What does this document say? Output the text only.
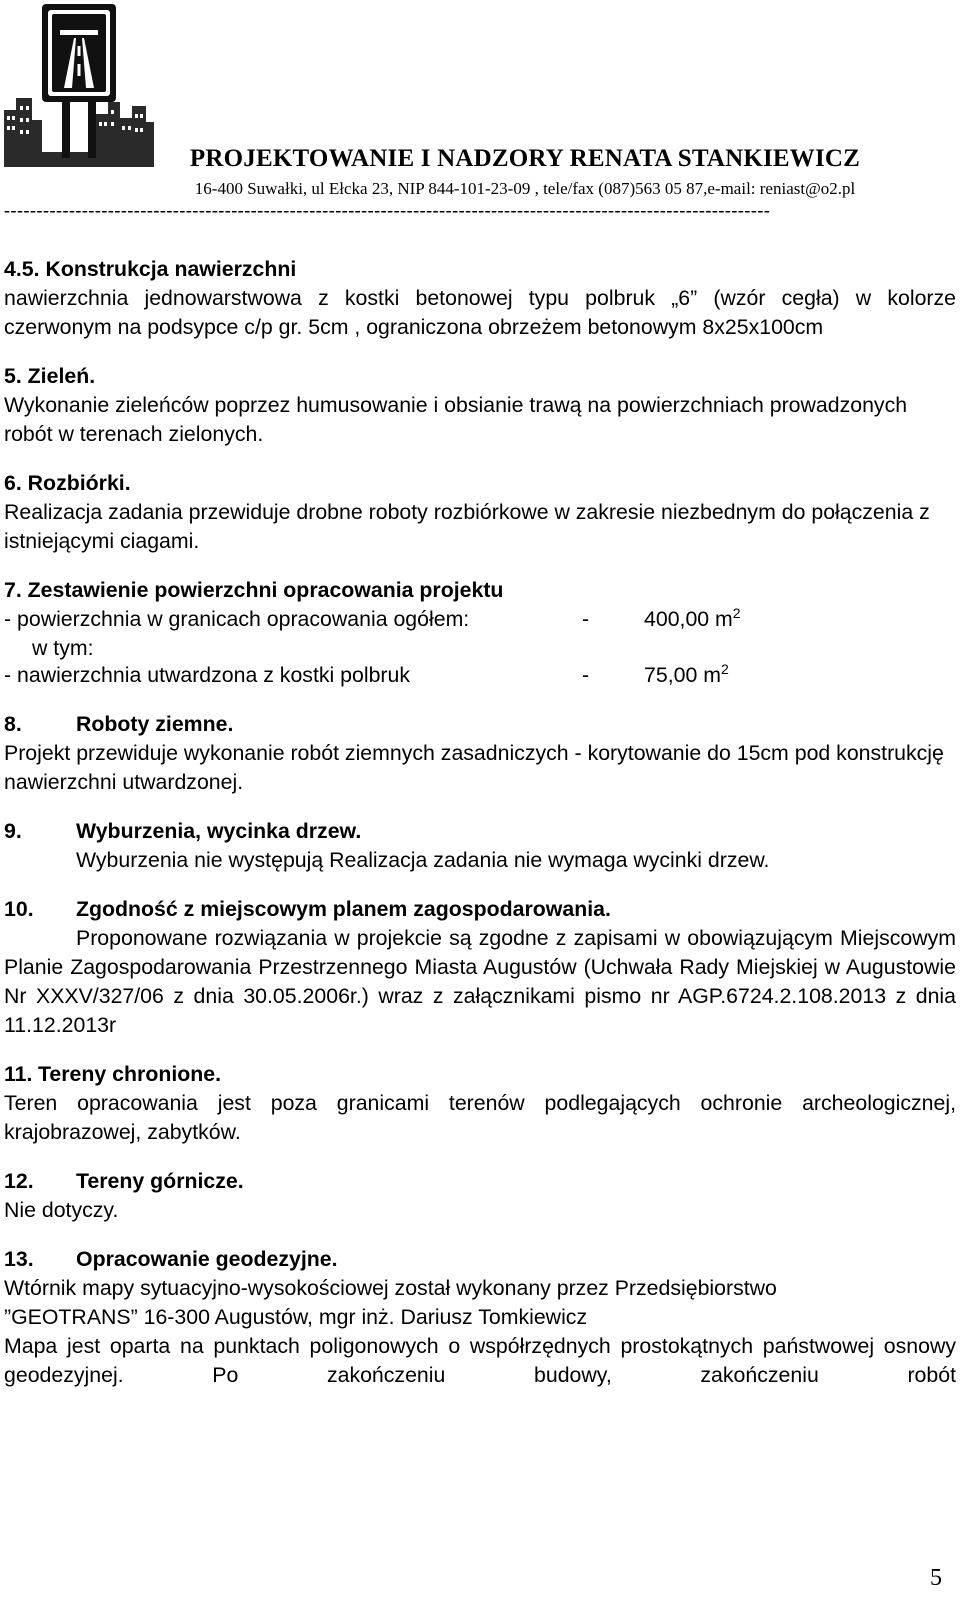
PROJEKTOWANIE I NADZORY RENATA STANKIEWICZ
16-400 Suwałki, ul Ełcka 23, NIP 844-101-23-09 , tele/fax (087)563 05 87,e-mail: reniast@o2.pl
----------------------------------------------------------------------------------------------------------------------
4.5. Konstrukcja nawierzchni
nawierzchnia jednowarstwowa z kostki betonowej typu polbruk „6” (wzór cegła) w kolorze czerwonym na podsypce c/p gr. 5cm , ograniczona obrzeżem betonowym 8x25x100cm
5. Zieleń.
Wykonanie zieleńców poprzez humusowanie i obsianie trawą na powierzchniach prowadzonych robót w terenach zielonych.
6. Rozbiórki.
Realizacja zadania przewiduje drobne roboty rozbiórkowe w zakresie niezbednym do połączenia z istniejącymi ciagami.
7. Zestawienie powierzchni opracowania projektu
- powierzchnia w granicach opracowania ogółem:	-	400,00 $m^2$
w tym:
- nawierzchnia utwardzona z kostki polbruk	-	75,00 $m^2$
8.	Roboty ziemne.
Projekt przewiduje wykonanie robót ziemnych zasadniczych - korytowanie do 15cm pod konstrukcję nawierzchni utwardzonej.
9.	Wyburzenia, wycinka drzew.
Wyburzenia nie występują Realizacja zadania nie wymaga wycinki drzew.
10. Zgodność z miejscowym planem zagospodarowania.
Proponowane rozwiązania w projekcie są zgodne z zapisami w obowiązującym Miejscowym Planie Zagospodarowania Przestrzennego Miasta Augustów (Uchwała Rady Miejskiej w Augustowie Nr XXXV/327/06 z dnia 30.05.2006r.) wraz z załącznikami pismo nr AGP.6724.2.108.2013 z dnia
11.12.2013r
11. Tereny chronione.
Teren opracowania jest poza granicami terenów podlegających ochronie archeologicznej, krajobrazowej, zabytków.
12. Tereny górnicze.
Nie dotyczy.
13. Opracowanie geodezyjne.
Wtórnik mapy sytuacyjno-wysokościowej został wykonany przez Przedsiębiorstwo
”GEOTRANS” 16-300 Augustów, mgr inż. Dariusz Tomkiewicz
Mapa jest oparta na punktach poligonowych o współrzędnych prostokątnych państwowej osnowy geodezyjnej. Po zakończeniu budowy, zakończeniu robót
5
